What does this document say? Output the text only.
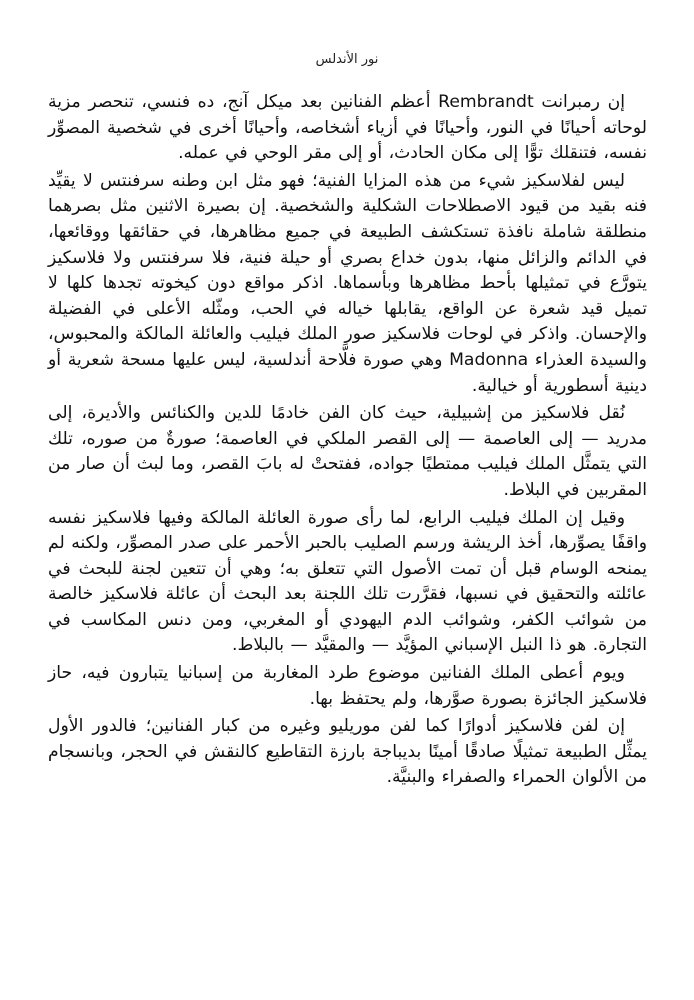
نور الأندلس

إن رمبرانت Rembrandt أعظم الفنانين بعد ميكل آنج، ده فنسي، تنحصر مزية لوحاته أحيانًا في النور، وأحيانًا في أزياء أشخاصه، وأحيانًا أخرى في شخصية المصوِّر نفسه، فتنقلك توًّا إلى مكان الحادث، أو إلى مقر الوحي في عمله.

ليس لفلاسكيز شيء من هذه المزايا الفنية؛ فهو مثل ابن وطنه سرفنتس لا يقيِّد فنه بقيد من قيود الاصطلاحات الشكلية والشخصية. إن بصيرة الاثنين مثل بصرهما منطلقة شاملة نافذة تستكشف الطبيعة في جميع مظاهرها، في حقائقها ووقائعها، في الدائم والزائل منها، بدون خداع بصري أو حيلة فنية، فلا سرفنتس ولا فلاسكيز يتورَّع في تمثيلها بأحط مظاهرها وبأسماها. اذكر مواقع دون كيخوته تجدها كلها لا تميل قيد شعرة عن الواقع، يقابلها خياله في الحب، ومثّله الأعلى في الفضيلة والإحسان. واذكر في لوحات فلاسكيز صور الملك فيليب والعائلة المالكة والمحبوس، والسيدة العذراء Madonna وهي صورة فلَّاحة أندلسية، ليس عليها مسحة شعرية أو دينية أسطورية أو خيالية.

نُقل فلاسكيز من إشبيلية، حيث كان الفن خادمًا للدين والكنائس والأديرة، إلى مدريد — إلى العاصمة — إلى القصر الملكي في العاصمة؛ صورةٌ من صوره، تلك التي يتمثَّل الملك فيليب ممتطيًا جواده، ففتحتْ له بابَ القصر، وما لبث أن صار من المقربين في البلاط.

وقيل إن الملك فيليب الرابع، لما رأى صورة العائلة المالكة وفيها فلاسكيز نفسه واقفًا يصوِّرها، أخذ الريشة ورسم الصليب بالحبر الأحمر على صدر المصوِّر، ولكنه لم يمنحه الوسام قبل أن تمت الأصول التي تتعلق به؛ وهي أن تتعين لجنة للبحث في عائلته والتحقيق في نسبها، فقرَّرت تلك اللجنة بعد البحث أن عائلة فلاسكيز خالصة من شوائب الكفر، وشوائب الدم اليهودي أو المغربي، ومن دنس المكاسب في التجارة. هو ذا النبل الإسباني المؤيَّد — والمقيَّد — بالبلاط.

ويوم أعطى الملك الفنانين موضوع طرد المغاربة من إسبانيا يتبارون فيه، حاز فلاسكيز الجائزة بصورة صوَّرها، ولم يحتفظ بها.

إن لفن فلاسكيز أدوارًا كما لفن موريليو وغيره من كبار الفنانين؛ فالدور الأول يمثِّل الطبيعة تمثيلًا صادقًا أمينًا بديباجة بارزة التقاطيع كالنقش في الحجر، وبانسجام من الألوان الحمراء والصفراء والبنيَّة.
